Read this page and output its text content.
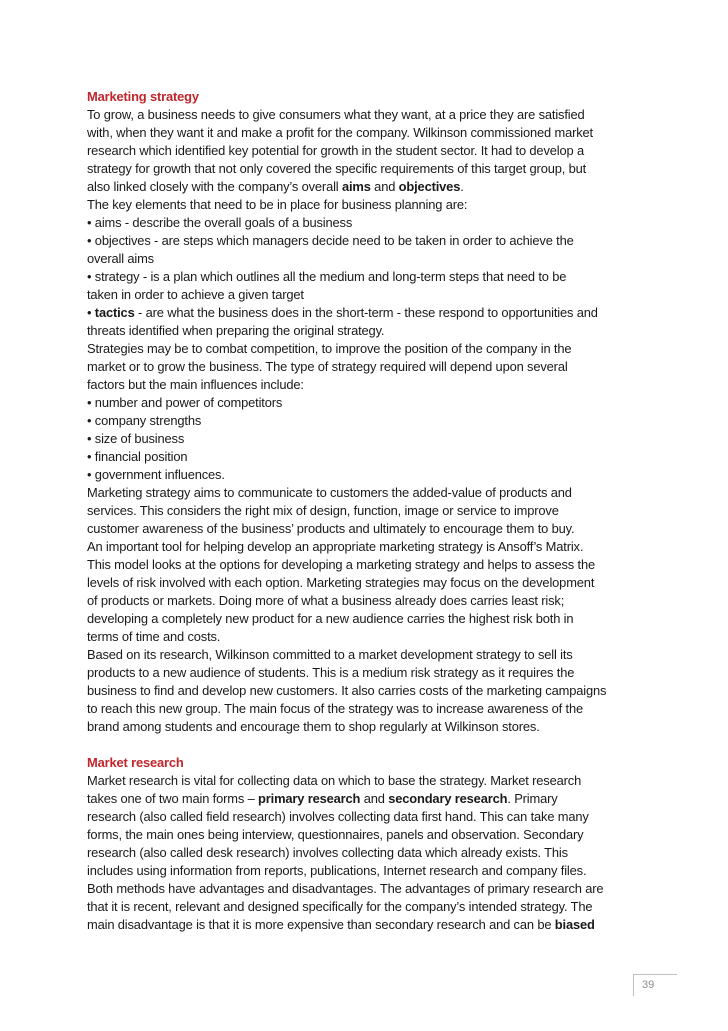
Marketing strategy
To grow, a business needs to give consumers what they want, at a price they are satisfied
with, when they want it and make a profit for the company. Wilkinson commissioned market
research which identified key potential for growth in the student sector. It had to develop a
strategy for growth that not only covered the specific requirements of this target group, but
also linked closely with the company’s overall aims and objectives.
The key elements that need to be in place for business planning are:
• aims - describe the overall goals of a business
• objectives - are steps which managers decide need to be taken in order to achieve the
overall aims
• strategy - is a plan which outlines all the medium and long-term steps that need to be
taken in order to achieve a given target
• tactics - are what the business does in the short-term - these respond to opportunities and
threats identified when preparing the original strategy.
Strategies may be to combat competition, to improve the position of the company in the
market or to grow the business. The type of strategy required will depend upon several
factors but the main influences include:
• number and power of competitors
• company strengths
• size of business
• financial position
• government influences.
Marketing strategy aims to communicate to customers the added-value of products and
services. This considers the right mix of design, function, image or service to improve
customer awareness of the business’ products and ultimately to encourage them to buy.
An important tool for helping develop an appropriate marketing strategy is Ansoff’s Matrix.
This model looks at the options for developing a marketing strategy and helps to assess the
levels of risk involved with each option. Marketing strategies may focus on the development
of products or markets. Doing more of what a business already does carries least risk;
developing a completely new product for a new audience carries the highest risk both in
terms of time and costs.
Based on its research, Wilkinson committed to a market development strategy to sell its
products to a new audience of students. This is a medium risk strategy as it requires the
business to find and develop new customers. It also carries costs of the marketing campaigns
to reach this new group. The main focus of the strategy was to increase awareness of the
brand among students and encourage them to shop regularly at Wilkinson stores.
Market research
Market research is vital for collecting data on which to base the strategy. Market research
takes one of two main forms – primary research and secondary research. Primary
research (also called field research) involves collecting data first hand. This can take many
forms, the main ones being interview, questionnaires, panels and observation. Secondary
research (also called desk research) involves collecting data which already exists. This
includes using information from reports, publications, Internet research and company files.
Both methods have advantages and disadvantages. The advantages of primary research are
that it is recent, relevant and designed specifically for the company’s intended strategy. The
main disadvantage is that it is more expensive than secondary research and can be biased
39
